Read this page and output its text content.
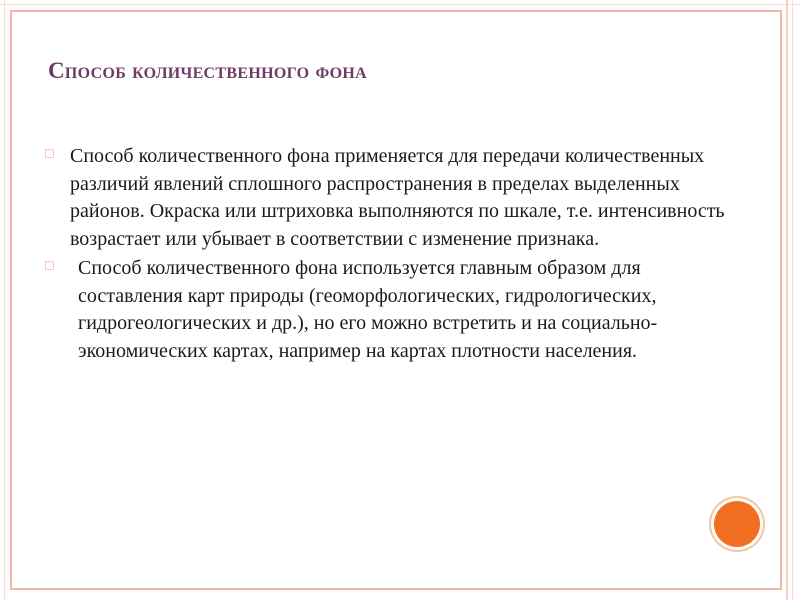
Способ количественного фона
◻ Способ количественного фона применяется для передачи количественных различий явлений сплошного распространения в пределах выделенных районов. Окраска или штриховка выполняются по шкале, т.е. интенсивность возрастает или убывает в соответствии с изменение признака.
◻ Способ количественного фона используется главным образом для составления карт природы (геоморфологических, гидрологических, гидрогеологических и др.), но его можно встретить и на социально-экономических картах, например на картах плотности населения.
